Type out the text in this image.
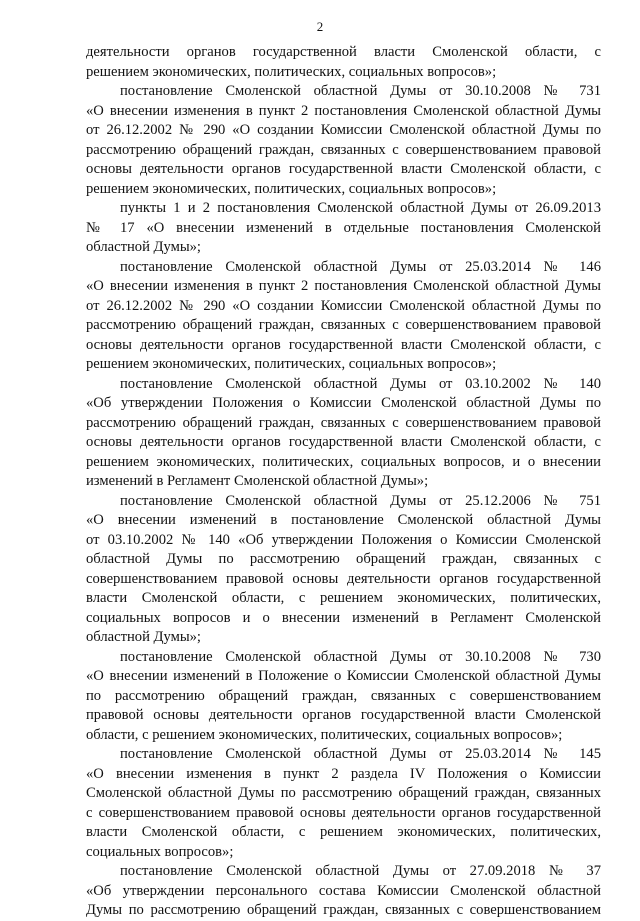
2
деятельности органов государственной власти Смоленской области, с
решением экономических, политических, социальных вопросов»;
постановление Смоленской областной Думы от 30.10.2008 № 731
«О внесении изменения в пункт 2 постановления Смоленской областной Думы
от 26.12.2002 № 290 «О создании Комиссии Смоленской областной Думы по
рассмотрению обращений граждан, связанных с совершенствованием правовой
основы деятельности органов государственной власти Смоленской области, с
решением экономических, политических, социальных вопросов»;
пункты 1 и 2 постановления Смоленской областной Думы от 26.09.2013
№ 17 «О внесении изменений в отдельные постановления Смоленской
областной Думы»;
постановление Смоленской областной Думы от 25.03.2014 № 146
«О внесении изменения в пункт 2 постановления Смоленской областной Думы
от 26.12.2002 № 290 «О создании Комиссии Смоленской областной Думы по
рассмотрению обращений граждан, связанных с совершенствованием правовой
основы деятельности органов государственной власти Смоленской области, с
решением экономических, политических, социальных вопросов»;
постановление Смоленской областной Думы от 03.10.2002 № 140
«Об утверждении Положения о Комиссии Смоленской областной Думы по
рассмотрению обращений граждан, связанных с совершенствованием правовой
основы деятельности органов государственной власти Смоленской области, с
решением экономических, политических, социальных вопросов, и о внесении
изменений в Регламент Смоленской областной Думы»;
постановление Смоленской областной Думы от 25.12.2006 № 751
«О внесении изменений в постановление Смоленской областной Думы
от 03.10.2002 № 140 «Об утверждении Положения о Комиссии Смоленской
областной Думы по рассмотрению обращений граждан, связанных с
совершенствованием правовой основы деятельности органов государственной
власти Смоленской области, с решением экономических, политических,
социальных вопросов и о внесении изменений в Регламент Смоленской
областной Думы»;
постановление Смоленской областной Думы от 30.10.2008 № 730
«О внесении изменений в Положение о Комиссии Смоленской областной Думы
по рассмотрению обращений граждан, связанных с совершенствованием
правовой основы деятельности органов государственной власти Смоленской
области, с решением экономических, политических, социальных вопросов»;
постановление Смоленской областной Думы от 25.03.2014 № 145
«О внесении изменения в пункт 2 раздела IV Положения о Комиссии
Смоленской областной Думы по рассмотрению обращений граждан, связанных
с совершенствованием правовой основы деятельности органов государственной
власти Смоленской области, с решением экономических, политических,
социальных вопросов»;
постановление Смоленской областной Думы от 27.09.2018 № 37
«Об утверждении персонального состава Комиссии Смоленской областной
Думы по рассмотрению обращений граждан, связанных с совершенствованием
